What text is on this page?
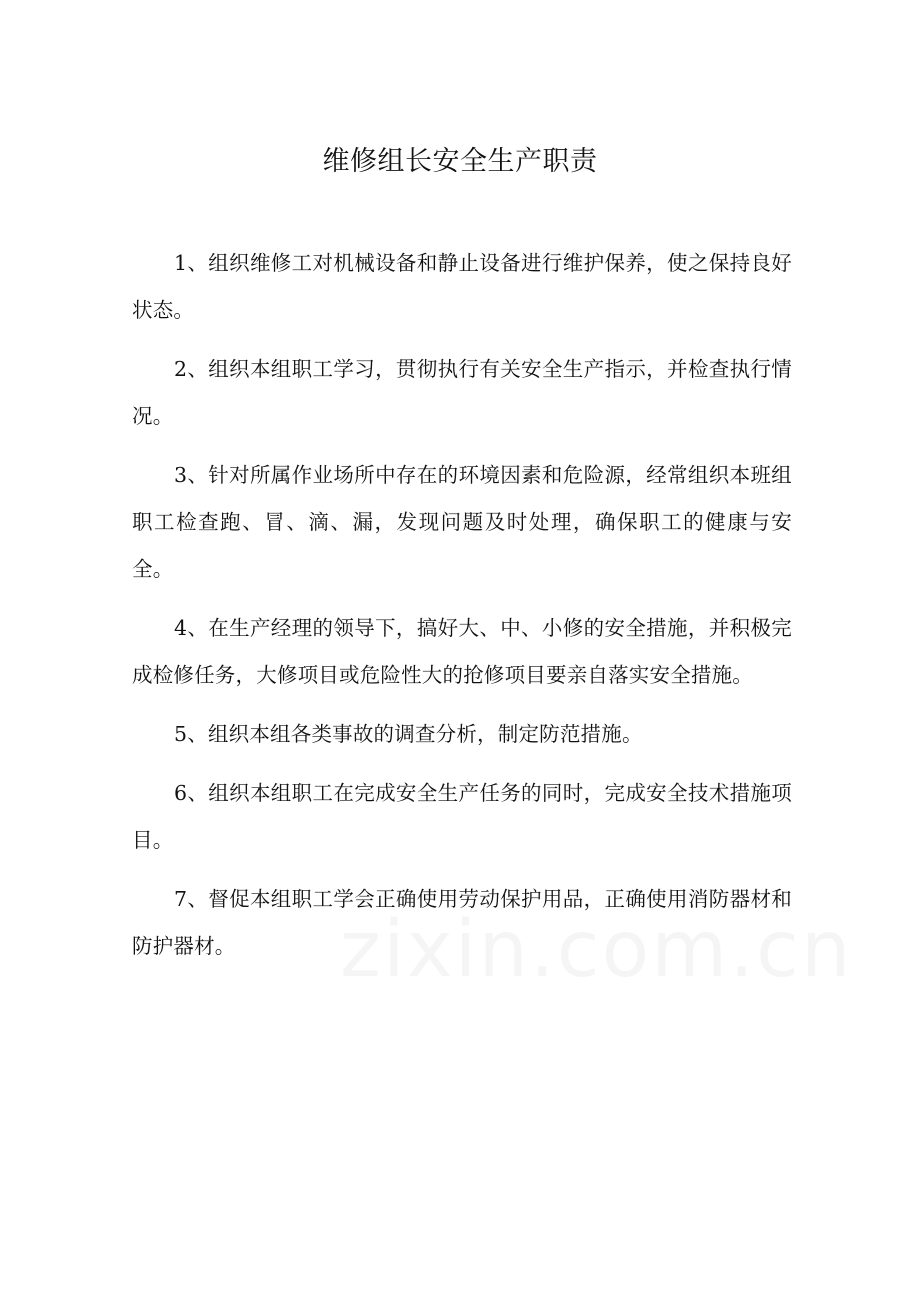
维修组长安全生产职责

1、组织维修工对机械设备和静止设备进行维护保养，使之保持良好状态。

2、组织本组职工学习，贯彻执行有关安全生产指示，并检查执行情况。

3、针对所属作业场所中存在的环境因素和危险源，经常组织本班组职工检查跑、冒、滴、漏，发现问题及时处理，确保职工的健康与安全。

4、在生产经理的领导下，搞好大、中、小修的安全措施，并积极完成检修任务，大修项目或危险性大的抢修项目要亲自落实安全措施。

5、组织本组各类事故的调查分析，制定防范措施。

6、组织本组职工在完成安全生产任务的同时，完成安全技术措施项目。

7、督促本组职工学会正确使用劳动保护用品，正确使用消防器材和防护器材。
